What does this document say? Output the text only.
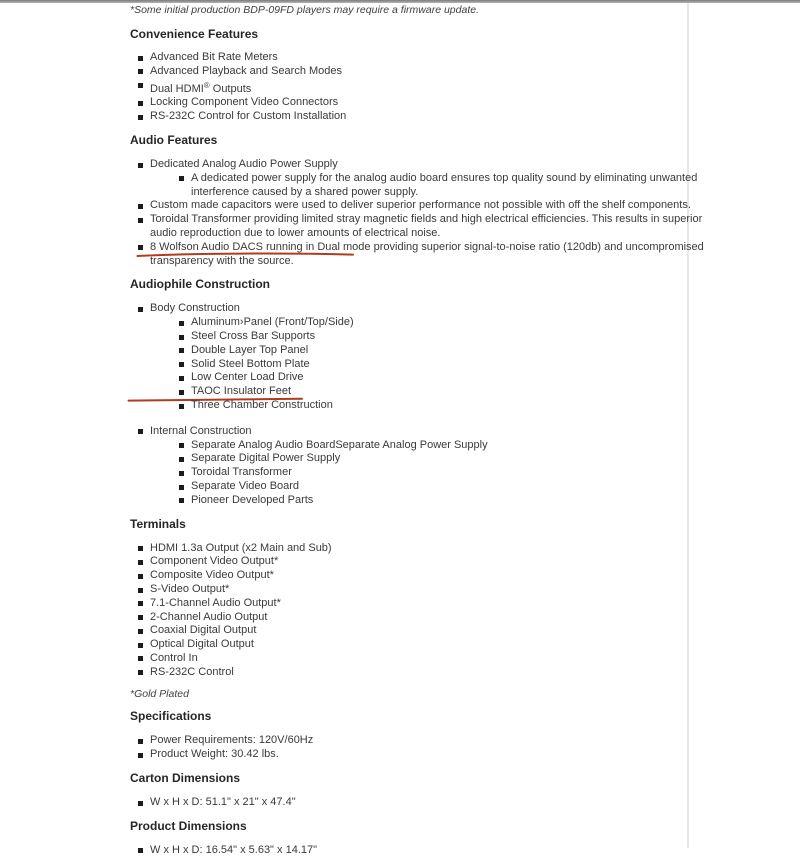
*Some initial production BDP-09FD players may require a firmware update.
Convenience Features
Advanced Bit Rate Meters
Advanced Playback and Search Modes
Dual HDMI® Outputs
Locking Component Video Connectors
RS-232C Control for Custom Installation
Audio Features
Dedicated Analog Audio Power Supply
A dedicated power supply for the analog audio board ensures top quality sound by eliminating unwanted
interference caused by a shared power supply.
Custom made capacitors were used to deliver superior performance not possible with off the shelf components.
Toroidal Transformer providing limited stray magnetic fields and high electrical efficiencies. This results in superior
audio reproduction due to lower amounts of electrical noise.
8 Wolfson Audio DACS running in Dual mode providing superior signal-to-noise ratio (120db) and uncompromised
transparency with the source.
Audiophile Construction
Body Construction
Aluminum›Panel (Front/Top/Side)
Steel Cross Bar Supports
Double Layer Top Panel
Solid Steel Bottom Plate
Low Center Load Drive
TAOC Insulator Feet
Three Chamber Construction
Internal Construction
Separate Analog Audio BoardSeparate Analog Power Supply
Separate Digital Power Supply
Toroidal Transformer
Separate Video Board
Pioneer Developed Parts
Terminals
HDMI 1.3a Output (x2 Main and Sub)
Component Video Output*
Composite Video Output*
S-Video Output*
7.1-Channel Audio Output*
2-Channel Audio Output
Coaxial Digital Output
Optical Digital Output
Control In
RS-232C Control
*Gold Plated
Specifications
Power Requirements: 120V/60Hz
Product Weight: 30.42 lbs.
Carton Dimensions
W x H x D: 51.1" x 21" x 47.4"
Product Dimensions
W x H x D: 16.54" x 5.63" x 14.17"
